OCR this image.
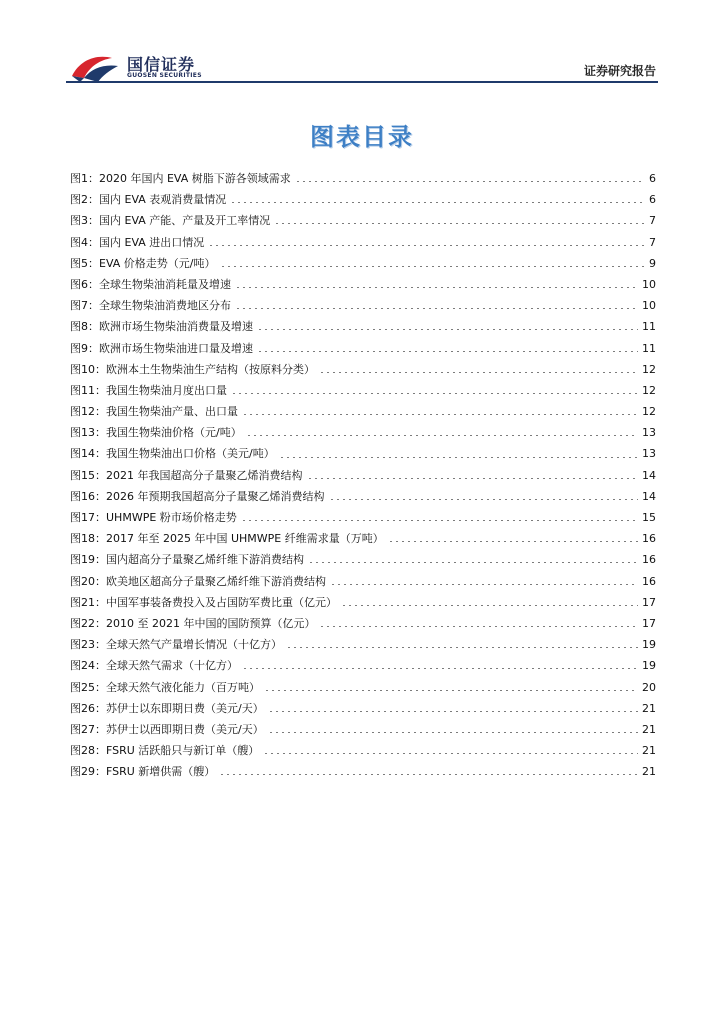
国信证券
GUOSEN SECURITIES	证券研究报告
图表目录
图1： 2020 年国内 EVA 树脂下游各领域需求	6
图2： 国内 EVA 表观消费量情况	6
图3： 国内 EVA 产能、产量及开工率情况	7
图4： 国内 EVA 进出口情况	7
图5： EVA 价格走势（元/吨）	9
图6： 全球生物柴油消耗量及增速	10
图7： 全球生物柴油消费地区分布	10
图8： 欧洲市场生物柴油消费量及增速	11
图9： 欧洲市场生物柴油进口量及增速	11
图10： 欧洲本土生物柴油生产结构（按原料分类）	12
图11： 我国生物柴油月度出口量	12
图12： 我国生物柴油产量、出口量	12
图13： 我国生物柴油价格（元/吨）	13
图14： 我国生物柴油出口价格（美元/吨）	13
图15： 2021 年我国超高分子量聚乙烯消费结构	14
图16： 2026 年预期我国超高分子量聚乙烯消费结构	14
图17： UHMWPE 粉市场价格走势	15
图18： 2017 年至 2025 年中国 UHMWPE 纤维需求量（万吨）	16
图19： 国内超高分子量聚乙烯纤维下游消费结构	16
图20： 欧美地区超高分子量聚乙烯纤维下游消费结构	16
图21： 中国军事装备费投入及占国防军费比重（亿元）	17
图22： 2010 至 2021 年中国的国防预算（亿元）	17
图23： 全球天然气产量增长情况（十亿方）	19
图24： 全球天然气需求（十亿方）	19
图25： 全球天然气液化能力（百万吨）	20
图26： 苏伊士以东即期日费（美元/天）	21
图27： 苏伊士以西即期日费（美元/天）	21
图28： FSRU 活跃船只与新订单（艘）	21
图29： FSRU 新增供需（艘）	21
